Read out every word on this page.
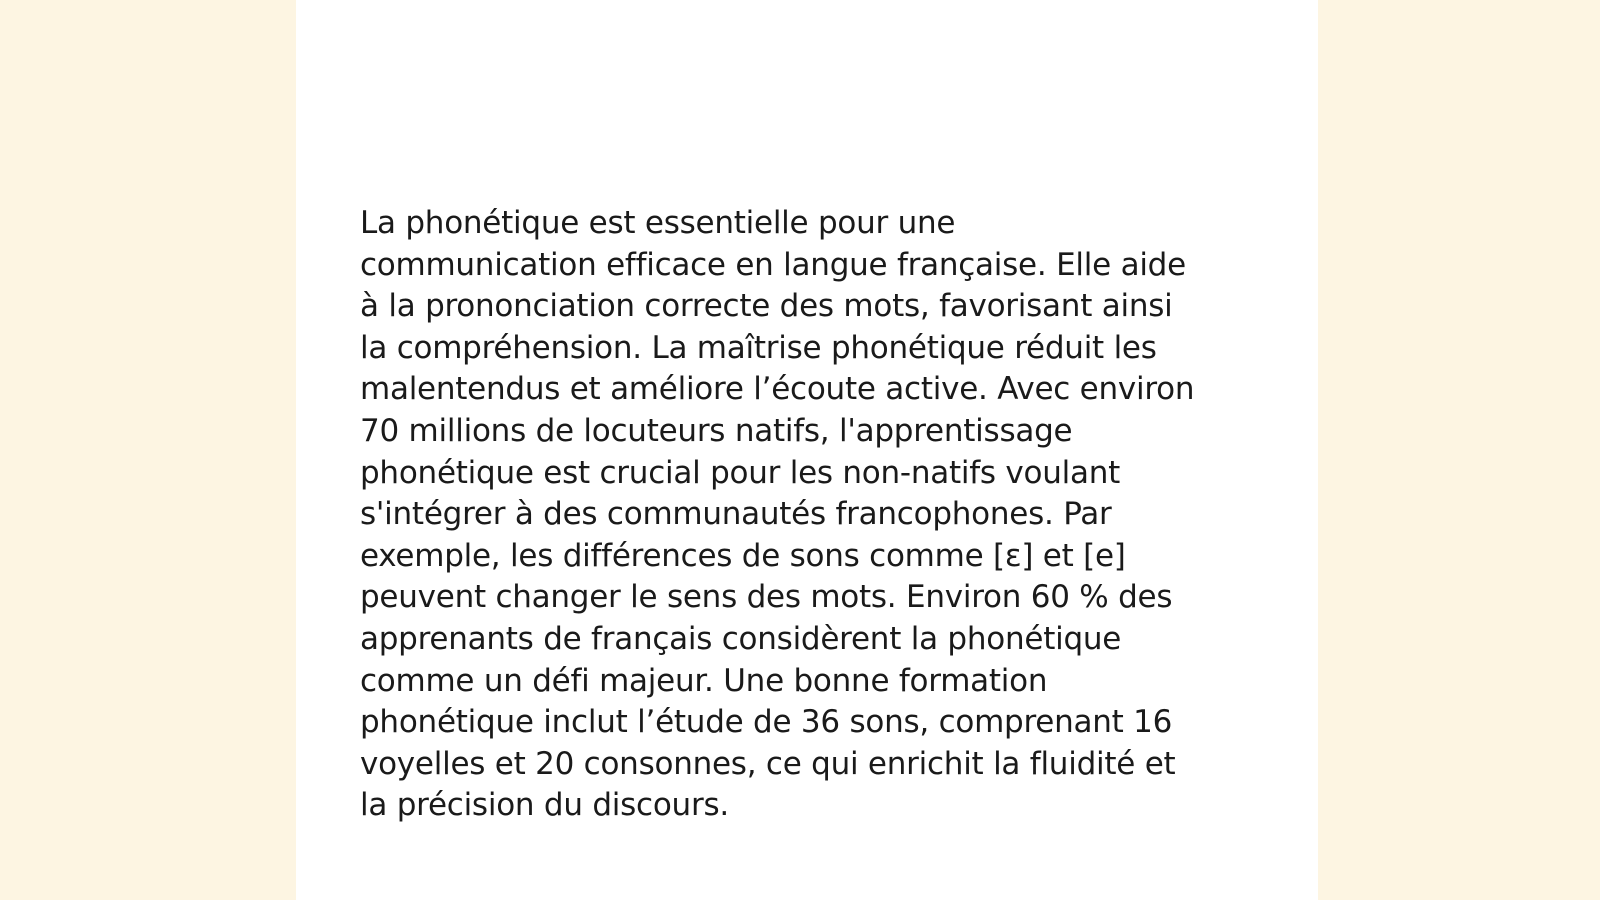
La phonétique est essentielle pour une
communication efficace en langue française. Elle aide
à la prononciation correcte des mots, favorisant ainsi
la compréhension. La maîtrise phonétique réduit les
malentendus et améliore l’écoute active. Avec environ
70 millions de locuteurs natifs, l'apprentissage
phonétique est crucial pour les non-natifs voulant
s'intégrer à des communautés francophones. Par
exemple, les différences de sons comme [ɛ] et [e]
peuvent changer le sens des mots. Environ 60 % des
apprenants de français considèrent la phonétique
comme un défi majeur. Une bonne formation
phonétique inclut l’étude de 36 sons, comprenant 16
voyelles et 20 consonnes, ce qui enrichit la fluidité et
la précision du discours.
